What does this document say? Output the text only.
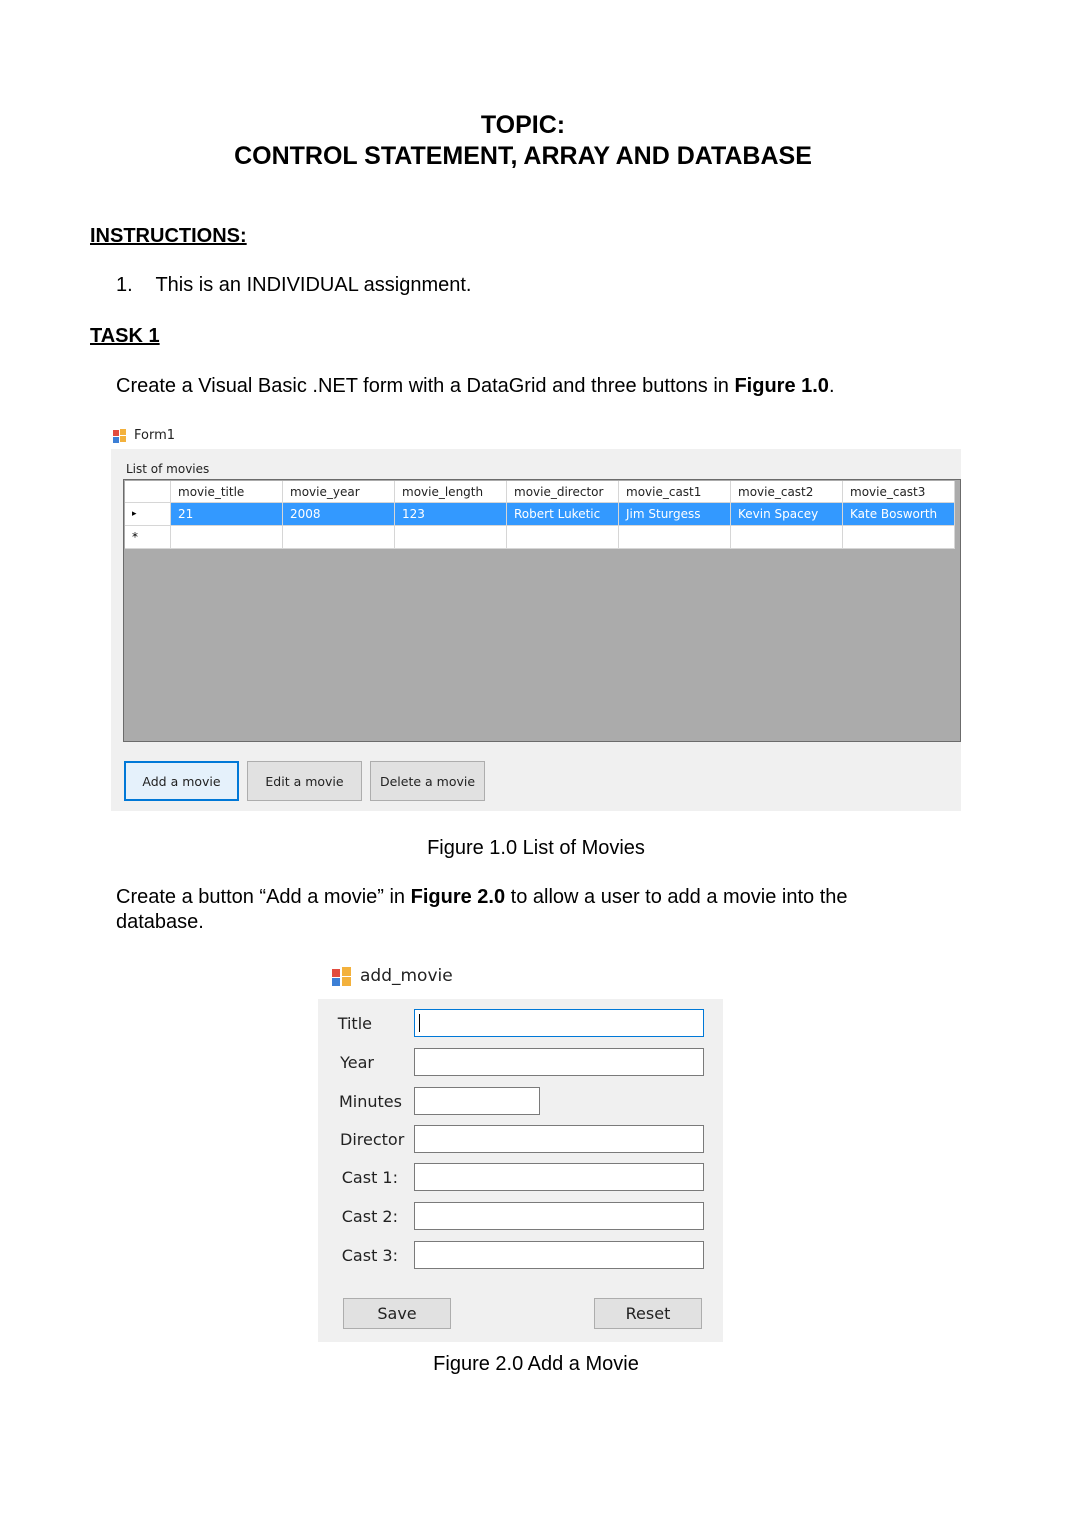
TOPIC:
CONTROL STATEMENT, ARRAY AND DATABASE
INSTRUCTIONS:
1. This is an INDIVIDUAL assignment.
TASK 1
Create a Visual Basic .NET form with a DataGrid and three buttons in Figure 1.0.
Form1
List of movies
	movie_title	movie_year	movie_length	movie_director	movie_cast1	movie_cast2	movie_cast3
▸	21	2008	123	Robert Luketic	Jim Sturgess	Kevin Spacey	Kate Bosworth
*							
Add a movie	Edit a movie	Delete a movie
Figure 1.0 List of Movies
Create a button “Add a movie” in Figure 2.0 to allow a user to add a movie into the
database.
add_movie
Title
Year
Minutes
Director
Cast 1:
Cast 2:
Cast 3:
Save	Reset
Figure 2.0 Add a Movie
